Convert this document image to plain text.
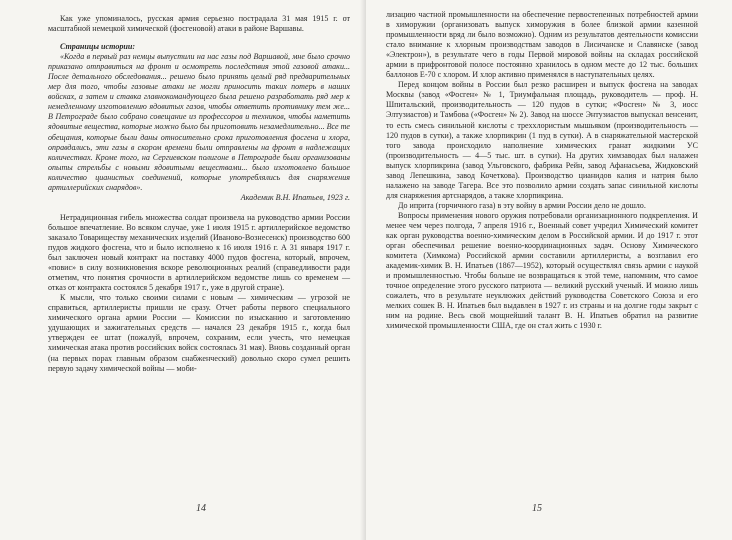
Как уже упоминалось, русская армия серьезно пострадала 31 мая 1915 г. от масштабной немецкой химической (фосгеновой) атаки в районе Варшавы.

Страницы истории:

«Когда в первый раз немцы выпустили на нас газы под Варшавой, мне было срочно приказано отправиться на фронт и осмотреть последствия этой газовой атаки... После детального обследования... решено было принять целый ряд предварительных мер для того, чтобы газовые атаки не могли приносить таких потерь в наших войсках, а затем и ставка главнокомандующего была решено разработать ряд мер к немедленному изготовлению ядовитых газов, чтобы ответить противнику тем же... В Петрограде было собрано совещание из профессоров и техников, чтобы наметить ядовитые вещества, которые можно было бы приготовить незамедлительно... Все те обещания, которые были даны относительно срока приготовления фосгена и хлора, оправдались, эти газы в скором времени были отправлены на фронт в надлежащих количествах. Кроме того, на Сергиевском полигоне в Петрограде были организованы опыты стрельбы с новыми ядовитыми веществами... было изготовлено большое количество цианистых соединений, которые употреблялись для снаряжения артиллерийских снарядов».

Академик В.Н. Ипатьев, 1923 г.

Нетрадиционная гибель множества солдат произвела на руководство армии России большое впечатление. Во всяком случае, уже 1 июля 1915 г. артиллерийское ведомство заказало Товариществу механических изделий (Иваново-Вознесенск) производство 600 пудов жидкого фосгена, что и было исполнено к 16 июля 1916 г. А 31 января 1917 г. был заключен новый контракт на поставку 4000 пудов фосгена, который, впрочем, «повис» в силу возникновения вскоре революционных реалий (справедливости ради отметим, что понятия срочности в артиллерийском ведомстве лишь со временем — отказ от контракта состоялся 5 декабря 1917 г., уже в другой стране).

К мысли, что только своими силами с новым — химическим — угрозой не справиться, артиллеристы пришли не сразу. Отчет работы первого специального химического органа армии России — Комиссии по изысканию и заготовлению удушающих и зажигательных средств — начался 23 декабря 1915 г., когда был утвержден ее штат (пожалуй, впрочем, сохраним, если учесть, что немецкая химическая атака против российских войск состоялась 31 мая). Вновь созданный орган (на первых порах главным образом снабженческий) довольно скоро сумел решить первую задачу химической войны — моби-

14

лизацию частной промышленности на обеспечение первостепенных потребностей армии в химоружии (организовать выпуск химоружия в более близкой армии казенной промышленности вряд ли было возможно). Одним из результатов деятельности комиссии стало внимание к хлорным производствам заводов в Лисичанске и Славянске (завод «Электрон»), в результате чего в годы Первой мировой войны на складах российской армии в прифронтовой полосе постоянно хранилось в одном месте до 12 тыс. больших баллонов Е-70 с хлором. И хлор активно применялся в наступательных целях.

Перед концом войны в России был резко расширен и выпуск фосгена на заводах Москвы (завод «Фосген» № 1, Триумфальная площадь, руководитель — проф. Н. Шпитальский, производительность — 120 пудов в сутки; «Фосген» № 3, иосс Элтузиастов) и Тамбова («Фосген» № 2). Завод на шоссе Энтузиастов выпускал венсенит, то есть смесь синильной кислоты с треххлористым мышьяком (производительность — 120 пудов в сутки), а также хлорпикрин (1 пуд в сутки). А в снаряжательной мастерской того завода происходило наполнение химических гранат жидкими УС (производительность — 4—5 тыс. шт. в сутки). На других химзаводах был налажен выпуск хлорпикрина (завод Ульговского, фабрика Рейн, завод Афанасьева, Жидковский завод Лепешкина, завод Кочеткова). Производство цианидов калия и натрия было налажено на заводе Тагера. Все это позволило армии создать запас синильной кислоты для снаряжения артснарядов, а также хлорпикрина.

До иприта (горчичного газа) в эту войну в армии России дело не дошло.

Вопросы применения нового оружия потребовали организационного подкрепления. И менее чем через полгода, 7 апреля 1916 г., Военный совет учредил Химический комитет как орган руководства военно-химическим делом в Российской армии. И до 1917 г. этот орган обеспечивал решение военно-координационных задач. Основу Химического комитета (Химкома) Российской армии составили артиллеристы, а возглавил его академик-химик В. Н. Ипатьев (1867—1952), который осуществлял связь армии с наукой и промышленностью. Чтобы больше не возвращаться к этой теме, напомним, что самое точное определение этого русского патриота — великий русский ученый. И можно лишь сожалеть, что в результате неуклюжих действий руководства Советского Союза и его мелких сошек В. Н. Ипатьев был выдавлен в 1927 г. из страны и на долгие годы закрыт с ним на родине. Весь свой мощнейший талант В. Н. Ипатьев обратил на развитие химической промышленности США, где он стал жить с 1930 г.

15
